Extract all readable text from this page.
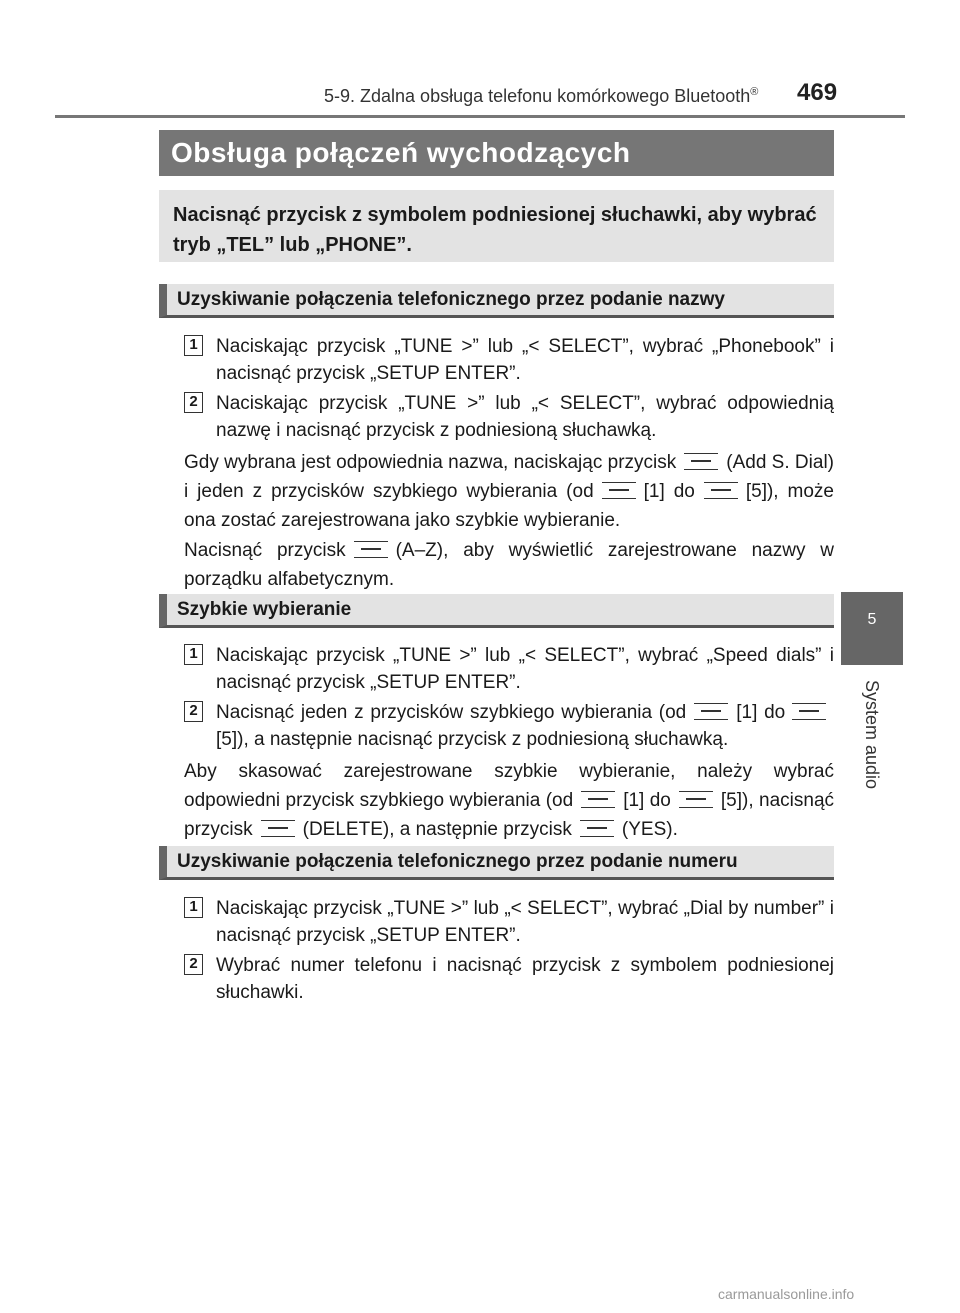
5-9. Zdalna obsługa telefonu komórkowego Bluetooth® 469
5
System audio
Obsługa połączeń wychodzących
Nacisnąć przycisk z symbolem podniesionej słuchawki, aby wybrać tryb „TEL” lub „PHONE”.
Uzyskiwanie połączenia telefonicznego przez podanie nazwy
1 Naciskając przycisk „TUNE >” lub „< SELECT”, wybrać „Phonebook” i nacisnąć przycisk „SETUP ENTER”.
2 Naciskając przycisk „TUNE >” lub „< SELECT”, wybrać odpowiednią nazwę i nacisnąć przycisk z podniesioną słuchawką.
Gdy wybrana jest odpowiednia nazwa, naciskając przycisk	(Add S. Dial) i jeden z przycisków szybkiego wybierania (od	[1] do	[5]), może ona zostać zarejestrowana jako szybkie wybieranie.
Nacisnąć przycisk	(A–Z), aby wyświetlić zarejestrowane nazwy w porządku alfabetycznym.
Szybkie wybieranie
1 Naciskając przycisk „TUNE >” lub „< SELECT”, wybrać „Speed dials” i nacisnąć przycisk „SETUP ENTER”.
2 Nacisnąć jeden z przycisków szybkiego wybierania (od	[1] do [5]), a następnie nacisnąć przycisk z podniesioną słuchawką.
Aby skasować zarejestrowane szybkie wybieranie, należy wybrać odpowiedni przycisk szybkiego wybierania (od	[1] do	[5]), nacisnąć przycisk	(DELETE), a następnie przycisk	(YES).
Uzyskiwanie połączenia telefonicznego przez podanie numeru
1 Naciskając przycisk „TUNE >” lub „< SELECT”, wybrać „Dial by number” i nacisnąć przycisk „SETUP ENTER”.
2 Wybrać numer telefonu i nacisnąć przycisk z symbolem podniesionej słuchawki.
carmanualsonline.info
